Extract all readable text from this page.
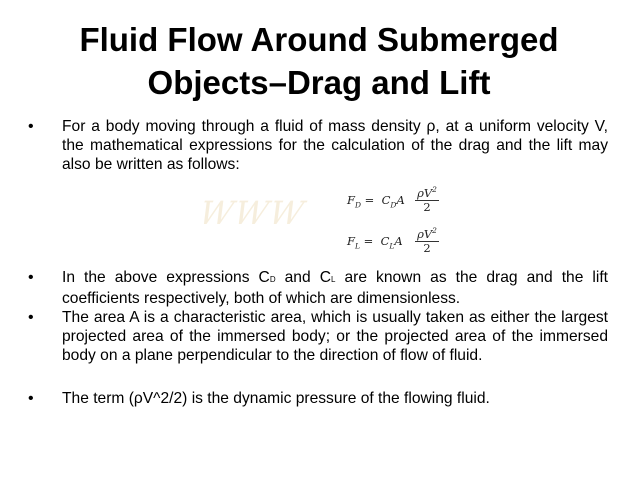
Fluid Flow Around Submerged
Objects–Drag and Lift
• For a body moving through a fluid of mass density ρ, at a uniform velocity V, the mathematical expressions for the calculation of the drag and the lift may also be written as follows:
WWW	$F_D = C_DA \frac{\rho V^2}{2}$
$F_L = C_LA \frac{\rho V^2}{2}$
• In the above expressions CD and CL are known as the drag and the lift coefficients respectively, both of which are dimensionless.
• The area A is a characteristic area, which is usually taken as either the largest projected area of the immersed body; or the projected area of the immersed body on a plane perpendicular to the direction of flow of fluid.
• The term (ρV^2/2) is the dynamic pressure of the flowing fluid.
